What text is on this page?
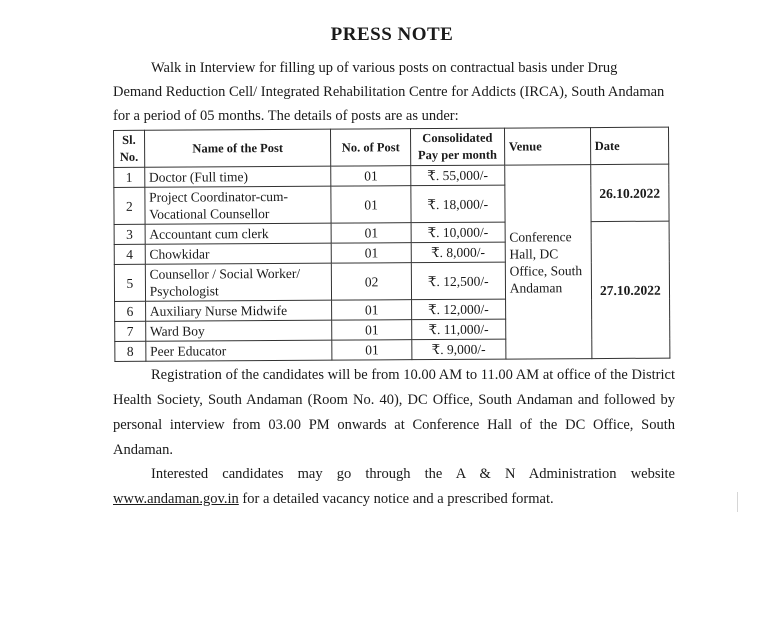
PRESS NOTE
Walk in Interview for filling up of various posts on contractual basis under Drug Demand Reduction Cell/ Integrated Rehabilitation Centre for Addicts (IRCA), South Andaman for a period of 05 months. The details of posts are as under:
Sl. No.	Name of the Post	No. of Post	Consolidated Pay per month	Venue	Date
1	Doctor (Full time)	01	₹. 55,000/-	Conference Hall, DC Office, South Andaman	26.10.2022
2	Project Coordinator-cum-Vocational Counsellor	01	₹. 18,000/-		
3	Accountant cum clerk	01	₹. 10,000/-		27.10.2022
4	Chowkidar	01	₹. 8,000/-		
5	Counsellor / Social Worker/ Psychologist	02	₹. 12,500/-		
6	Auxiliary Nurse Midwife	01	₹. 12,000/-		
7	Ward Boy	01	₹. 11,000/-		
8	Peer Educator	01	₹. 9,000/-		
Registration of the candidates will be from 10.00 AM to 11.00 AM at office of the District Health Society, South Andaman (Room No. 40), DC Office, South Andaman and followed by personal interview from 03.00 PM onwards at Conference Hall of the DC Office, South Andaman.
Interested candidates may go through the A & N Administration website www.andaman.gov.in for a detailed vacancy notice and a prescribed format.
